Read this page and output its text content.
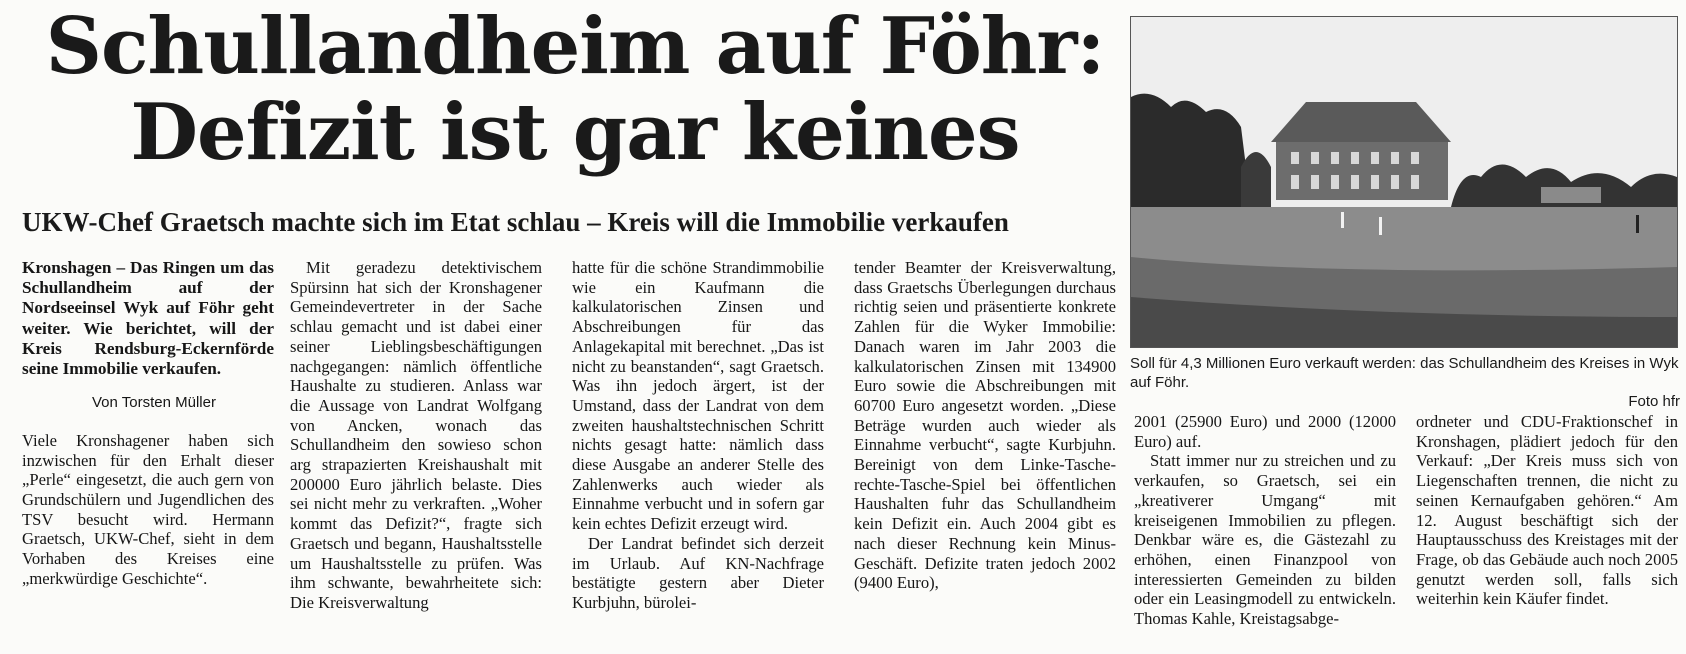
Schullandheim auf Föhr:
Defizit ist gar keines
UKW-Chef Graetsch machte sich im Etat schlau – Kreis will die Immobilie verkaufen
Soll für 4,3 Millionen Euro verkauft werden: das Schullandheim des Kreises in Wyk auf Föhr.
Foto hfr

Kronshagen – Das Ringen um das Schullandheim auf der Nordseeinsel Wyk auf Föhr geht weiter. Wie berichtet, will der Kreis Rendsburg-Eckernförde seine Immobilie verkaufen.

Von Torsten Müller

Viele Kronshagener haben sich inzwischen für den Erhalt dieser „Perle“ eingesetzt, die auch gern von Grundschülern und Jugendlichen des TSV besucht wird. Hermann Graetsch, UKW-Chef, sieht in dem Vorhaben des Kreises eine „merkwürdige Geschichte“.

Mit geradezu detektivischem Spürsinn hat sich der Kronshagener Gemeindevertreter in der Sache schlau gemacht und ist dabei einer seiner Lieblingsbeschäftigungen nachgegangen: nämlich öffentliche Haushalte zu studieren. Anlass war die Aussage von Landrat Wolfgang von Ancken, wonach das Schullandheim den sowieso schon arg strapazierten Kreishaushalt mit 200000 Euro jährlich belaste. Dies sei nicht mehr zu verkraften. „Woher kommt das Defizit?“, fragte sich Graetsch und begann, Haushaltsstelle um Haushaltsstelle zu prüfen. Was ihm schwante, bewahrheitete sich: Die Kreisverwaltung

hatte für die schöne Strandimmobilie wie ein Kaufmann die kalkulatorischen Zinsen und Abschreibungen für das Anlagekapital mit berechnet. „Das ist nicht zu beanstanden“, sagt Graetsch. Was ihn jedoch ärgert, ist der Umstand, dass der Landrat von dem zweiten haushaltstechnischen Schritt nichts gesagt hatte: nämlich dass diese Ausgabe an anderer Stelle des Zahlenwerks auch wieder als Einnahme verbucht und in sofern gar kein echtes Defizit erzeugt wird.

Der Landrat befindet sich derzeit im Urlaub. Auf KN-Nachfrage bestätigte gestern aber Dieter Kurbjuhn, bürolei-

tender Beamter der Kreisverwaltung, dass Graetschs Überlegungen durchaus richtig seien und präsentierte konkrete Zahlen für die Wyker Immobilie: Danach waren im Jahr 2003 die kalkulatorischen Zinsen mit 134900 Euro sowie die Abschreibungen mit 60700 Euro angesetzt worden. „Diese Beträge wurden auch wieder als Einnahme verbucht“, sagte Kurbjuhn. Bereinigt von dem Linke-Tasche-rechte-Tasche-Spiel bei öffentlichen Haushalten fuhr das Schullandheim kein Defizit ein. Auch 2004 gibt es nach dieser Rechnung kein Minus-Geschäft. Defizite traten jedoch 2002 (9400 Euro),

2001 (25900 Euro) und 2000 (12000 Euro) auf.

Statt immer nur zu streichen und zu verkaufen, so Graetsch, sei ein „kreativerer Umgang“ mit kreiseigenen Immobilien zu pflegen. Denkbar wäre es, die Gästezahl zu erhöhen, einen Finanzpool von interessierten Gemeinden zu bilden oder ein Leasingmodell zu entwickeln. Thomas Kahle, Kreistagsabge-

ordneter und CDU-Fraktionschef in Kronshagen, plädiert jedoch für den Verkauf: „Der Kreis muss sich von Liegenschaften trennen, die nicht zu seinen Kernaufgaben gehören.“ Am 12. August beschäftigt sich der Hauptausschuss des Kreistages mit der Frage, ob das Gebäude auch noch 2005 genutzt werden soll, falls sich weiterhin kein Käufer findet.
